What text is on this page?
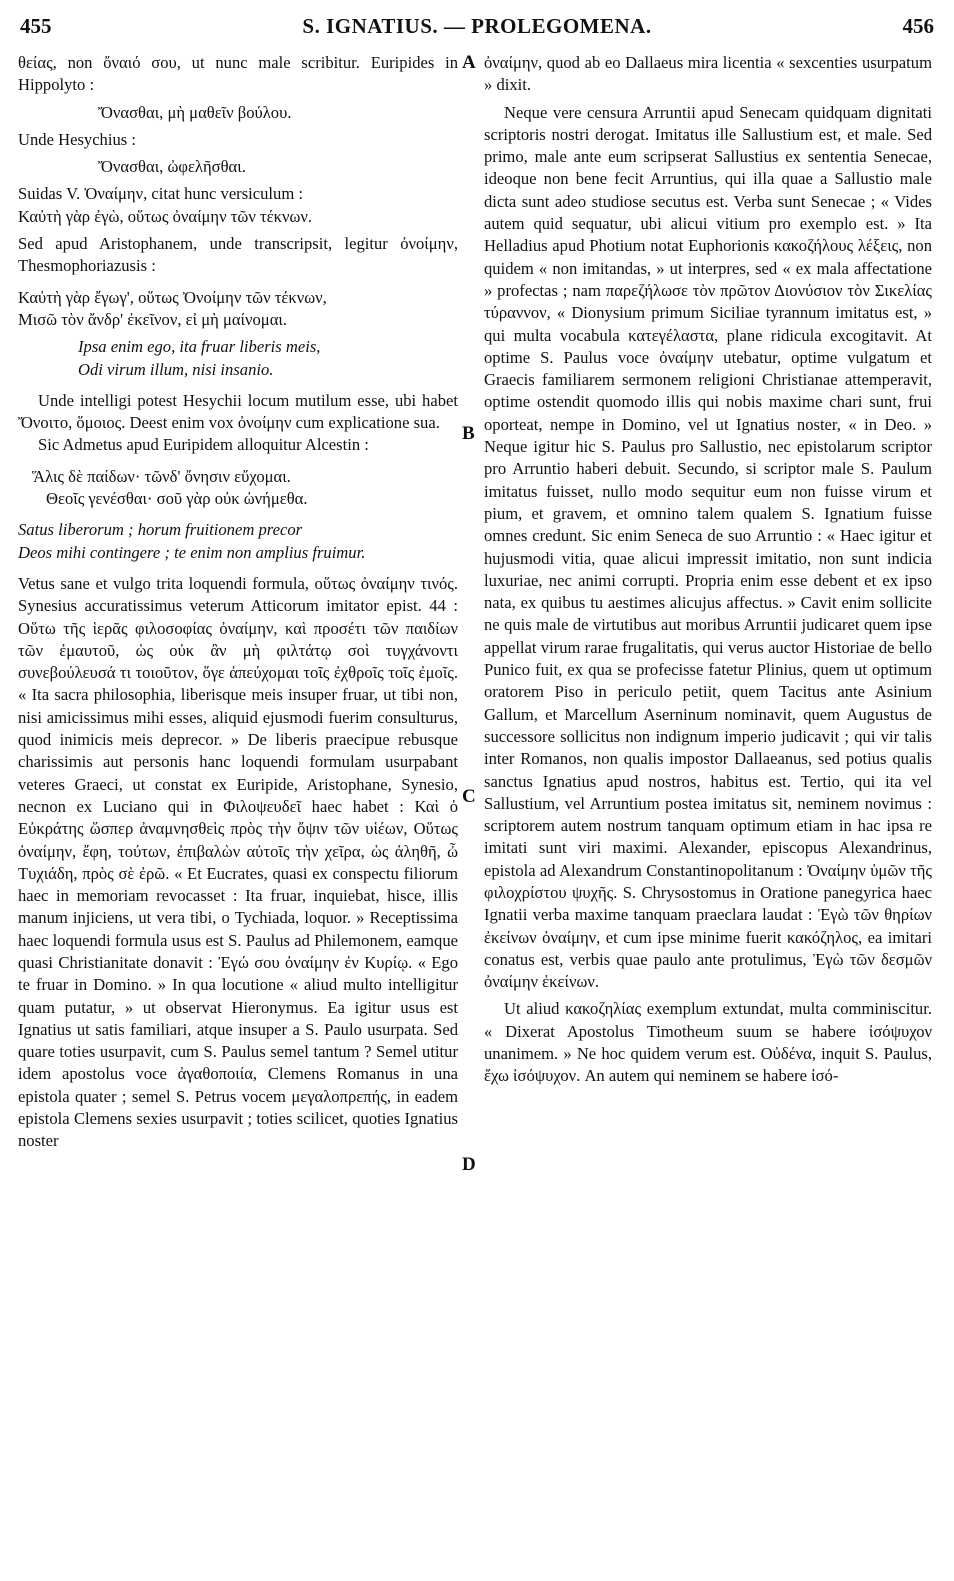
455	S. IGNATIUS. — PROLEGOMENA.	456
A
B
C
D

θείας, non ὄναιό σου, ut nunc male scribitur. Euripides in Hippolyto :

Ὄνασθαι, μὴ μαθεῖν βούλου.

Unde Hesychius :

Ὄνασθαι, ὠφελῆσθαι.

Suidas V. Ὀναίμην, citat hunc versiculum :

Καὐτὴ γὰρ ἐγὼ, οὕτως ὀναίμην τῶν τέκνων.

Sed apud Aristophanem, unde transcripsit, legitur ὀνοίμην, Thesmophoriazusis :

Καὐτὴ γὰρ ἔγωγ', οὕτως Ὀνοίμην τῶν τέκνων,

Μισῶ τὸν ἄνδρ' ἐκεῖνον, εἰ μὴ μαίνομαι.

Ipsa enim ego, ita fruar liberis meis,

Odi virum illum, nisi insanio.

Unde intelligi potest Hesychii locum mutilum esse, ubi habet Ὄνοιτο, ὅμοιος. Deest enim vox ὀνοίμην cum explicatione sua.

Sic Admetus apud Euripidem alloquitur Alcestin :

Ἅλις δὲ παίδων· τῶνδ' ὄνησιν εὔχομαι.

Θεοῖς γενέσθαι· σοῦ γὰρ οὐκ ὠνήμεθα.

Satus liberorum ; horum fruitionem precor

Deos mihi contingere ; te enim non amplius fruimur.

Vetus sane et vulgo trita loquendi formula, οὕτως ὀναίμην τινός. Synesius accuratissimus veterum Atticorum imitator epist. 44 : Οὕτω τῆς ἱερᾶς φιλοσοφίας ὀναίμην, καὶ προσέτι τῶν παιδίων τῶν ἐμαυτοῦ, ὡς οὐκ ἂν μὴ φιλτάτῳ σοὶ τυγχάνοντι συνεβούλευσά τι τοιοῦτον, ὅγε ἀπεύχομαι τοῖς ἐχθροῖς τοῖς ἐμοῖς. « Ita sacra philosophia, liberisque meis insuper fruar, ut tibi non, nisi amicissimus mihi esses, aliquid ejusmodi fuerim consulturus, quod inimicis meis deprecor. » De liberis praecipue rebusque charissimis aut personis hanc loquendi formulam usurpabant veteres Graeci, ut constat ex Euripide, Aristophane, Synesio, necnon ex Luciano qui in Φιλοψευδεῖ haec habet : Καὶ ὁ Εὐκράτης ὥσπερ ἀναμνησθεὶς πρὸς τὴν ὄψιν τῶν υἱέων, Οὕτως ὀναίμην, ἔφη, τούτων, ἐπιβαλὼν αὐτοῖς τὴν χεῖρα, ὡς ἀληθῆ, ὦ Τυχιάδη, πρὸς σὲ ἐρῶ. « Et Eucrates, quasi ex conspectu filiorum haec in memoriam revocasset : Ita fruar, inquiebat, hisce, illis manum injiciens, ut vera tibi, o Tychiada, loquor. » Receptissima haec loquendi formula usus est S. Paulus ad Philemonem, eamque quasi Christianitate donavit : Ἐγώ σου ὀναίμην ἐν Κυρίῳ. « Ego te fruar in Domino. » In qua locutione « aliud multo intelligitur quam putatur, » ut observat Hieronymus. Ea igitur usus est Ignatius ut satis familiari, atque insuper a S. Paulo usurpata. Sed quare toties usurpavit, cum S. Paulus semel tantum ? Semel utitur idem apostolus voce ἀγαθοποιία, Clemens Romanus in una epistola quater ; semel S. Petrus vocem μεγαλοπρεπής, in eadem epistola Clemens sexies usurpavit ; toties scilicet, quoties Ignatius noster

ὀναίμην, quod ab eo Dallaeus mira licentia « sexcenties usurpatum » dixit.

Neque vere censura Arruntii apud Senecam quidquam dignitati scriptoris nostri derogat. Imitatus ille Sallustium est, et male. Sed primo, male ante eum scripserat Sallustius ex sententia Senecae, ideoque non bene fecit Arruntius, qui illa quae a Sallustio male dicta sunt adeo studiose secutus est. Verba sunt Senecae ; « Vides autem quid sequatur, ubi alicui vitium pro exemplo est. » Ita Helladius apud Photium notat Euphorionis κακοζήλους λέξεις, non quidem « non imitandas, » ut interpres, sed « ex mala affectatione » profectas ; nam παρεζήλωσε τὸν πρῶτον Διονύσιον τὸν Σικελίας τύραννον, « Dionysium primum Siciliae tyrannum imitatus est, » qui multa vocabula κατεγέλαστα, plane ridicula excogitavit. At optime S. Paulus voce ὀναίμην utebatur, optime vulgatum et Graecis familiarem sermonem religioni Christianae attemperavit, optime ostendit quomodo illis qui nobis maxime chari sunt, frui oporteat, nempe in Domino, vel ut Ignatius noster, « in Deo. » Neque igitur hic S. Paulus pro Sallustio, nec epistolarum scriptor pro Arruntio haberi debuit. Secundo, si scriptor male S. Paulum imitatus fuisset, nullo modo sequitur eum non fuisse virum et pium, et gravem, et omnino talem qualem S. Ignatium fuisse omnes credunt. Sic enim Seneca de suo Arruntio : « Haec igitur et hujusmodi vitia, quae alicui impressit imitatio, non sunt indicia luxuriae, nec animi corrupti. Propria enim esse debent et ex ipso nata, ex quibus tu aestimes alicujus affectus. » Cavit enim sollicite ne quis male de virtutibus aut moribus Arruntii judicaret quem ipse appellat virum rarae frugalitatis, qui verus auctor Historiae de bello Punico fuit, ex qua se profecisse fatetur Plinius, quem ut optimum oratorem Piso in periculo petiit, quem Tacitus ante Asinium Gallum, et Marcellum Aserninum nominavit, quem Augustus de successore sollicitus non indignum imperio judicavit ; qui vir talis inter Romanos, non qualis impostor Dallaeanus, sed potius qualis sanctus Ignatius apud nostros, habitus est. Tertio, qui ita vel Sallustium, vel Arruntium postea imitatus sit, neminem novimus : scriptorem autem nostrum tanquam optimum etiam in hac ipsa re imitati sunt viri maximi. Alexander, episcopus Alexandrinus, epistola ad Alexandrum Constantinopolitanum : Ὀναίμην ὑμῶν τῆς φιλοχρίστου ψυχῆς. S. Chrysostomus in Oratione panegyrica haec Ignatii verba maxime tanquam praeclara laudat : Ἐγὼ τῶν θηρίων ἐκείνων ὀναίμην, et cum ipse minime fuerit κακόζηλος, ea imitari conatus est, verbis quae paulo ante protulimus, Ἐγὼ τῶν δεσμῶν ὀναίμην ἐκείνων.

Ut aliud κακοζηλίας exemplum extundat, multa comminiscitur. « Dixerat Apostolus Timotheum suum se habere ἰσόψυχον unanimem. » Ne hoc quidem verum est. Οὐδένα, inquit S. Paulus, ἔχω ἰσόψυχον. An autem qui neminem se habere ἰσό-
